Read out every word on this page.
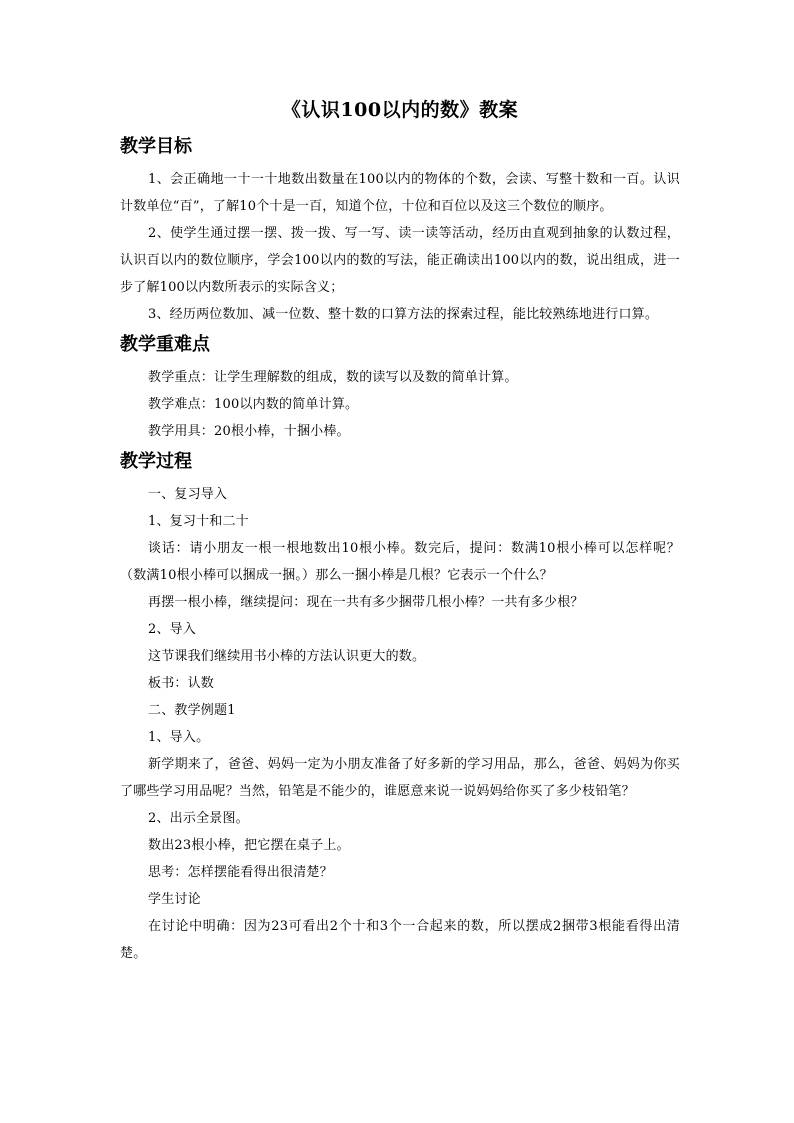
《认识100以内的数》教案
教学目标

1、会正确地一十一十地数出数量在100以内的物体的个数，会读、写整十数和一百。认识计数单位“百”，了解10个十是一百，知道个位，十位和百位以及这三个数位的顺序。

2、使学生通过摆一摆、拨一拨、写一写、读一读等活动，经历由直观到抽象的认数过程，认识百以内的数位顺序，学会100以内的数的写法，能正确读出100以内的数，说出组成，进一步了解100以内数所表示的实际含义；

3、经历两位数加、减一位数、整十数的口算方法的探索过程，能比较熟练地进行口算。

教学重难点

教学重点：让学生理解数的组成，数的读写以及数的简单计算。

教学难点：100以内数的简单计算。

教学用具：20根小棒，十捆小棒。

教学过程

一、复习导入

1、复习十和二十

谈话：请小朋友一根一根地数出10根小棒。数完后，提问：数满10根小棒可以怎样呢？（数满10根小棒可以捆成一捆。）那么一捆小棒是几根？它表示一个什么？

再摆一根小棒，继续提问：现在一共有多少捆带几根小棒？一共有多少根？

2、导入

这节课我们继续用书小棒的方法认识更大的数。

板书：认数

二、教学例题1

1、导入。

新学期来了，爸爸、妈妈一定为小朋友准备了好多新的学习用品，那么，爸爸、妈妈为你买了哪些学习用品呢？当然，铅笔是不能少的，谁愿意来说一说妈妈给你买了多少枝铅笔？

2、出示全景图。

数出23根小棒，把它摆在桌子上。

思考：怎样摆能看得出很清楚？

学生讨论

在讨论中明确：因为23可看出2个十和3个一合起来的数，所以摆成2捆带3根能看得出清楚。
